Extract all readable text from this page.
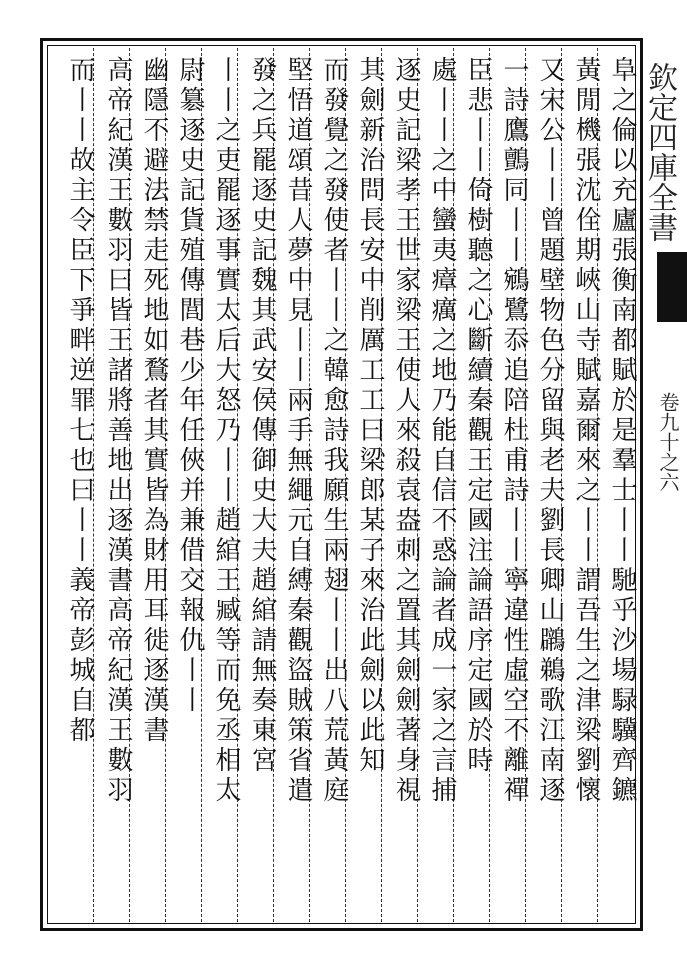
欽定四庫全書
卷九十之六
阜之倫以充廬張衡南都賦於是羣士丨丨馳乎沙場騄驥齊鑣
黃閒機張沈佺期峽山寺賦嘉爾來之丨丨謂吾生之津梁劉懷
又宋公丨丨曾題壁物色分留與老夫劉長卿山鸊鵜歌江南逐
一詩鷹鸇同丨丨鵷鷺忝追陪杜甫詩丨丨寧違性虛空不離禪
臣悲丨丨倚樹聽之心斷續秦觀王定國注論語序定國於時
處丨丨之中蠻夷瘴癘之地乃能自信不惑論者成一家之言捕
逐史記梁孝王世家梁王使人來殺袁盎刺之置其劍劍著身視
其劍新治問長安中削厲工工曰梁郎某子來治此劍以此知
而發覺之發使者丨丨之韓愈詩我願生兩翅丨丨出八荒黃庭
堅悟道頌昔人夢中見丨丨兩手無繩元自縛秦觀盜賊策省遣
發之兵罷逐史記魏其武安侯傳御史大夫趙綰請無奏東宮
丨丨之吏罷逐事實太后大怒乃丨丨趙綰王臧等而免丞相太
尉簒逐史記貨殖傳閭巷少年任俠并兼借交報仇丨丨
幽隱不避法禁走死地如鶩者其實皆為財用耳徙逐漢書
高帝紀漢王數羽曰皆王諸將善地出逐漢書高帝紀漢王數羽
而丨丨故主令臣下爭畔逆罪七也曰丨丨義帝彭城自都
